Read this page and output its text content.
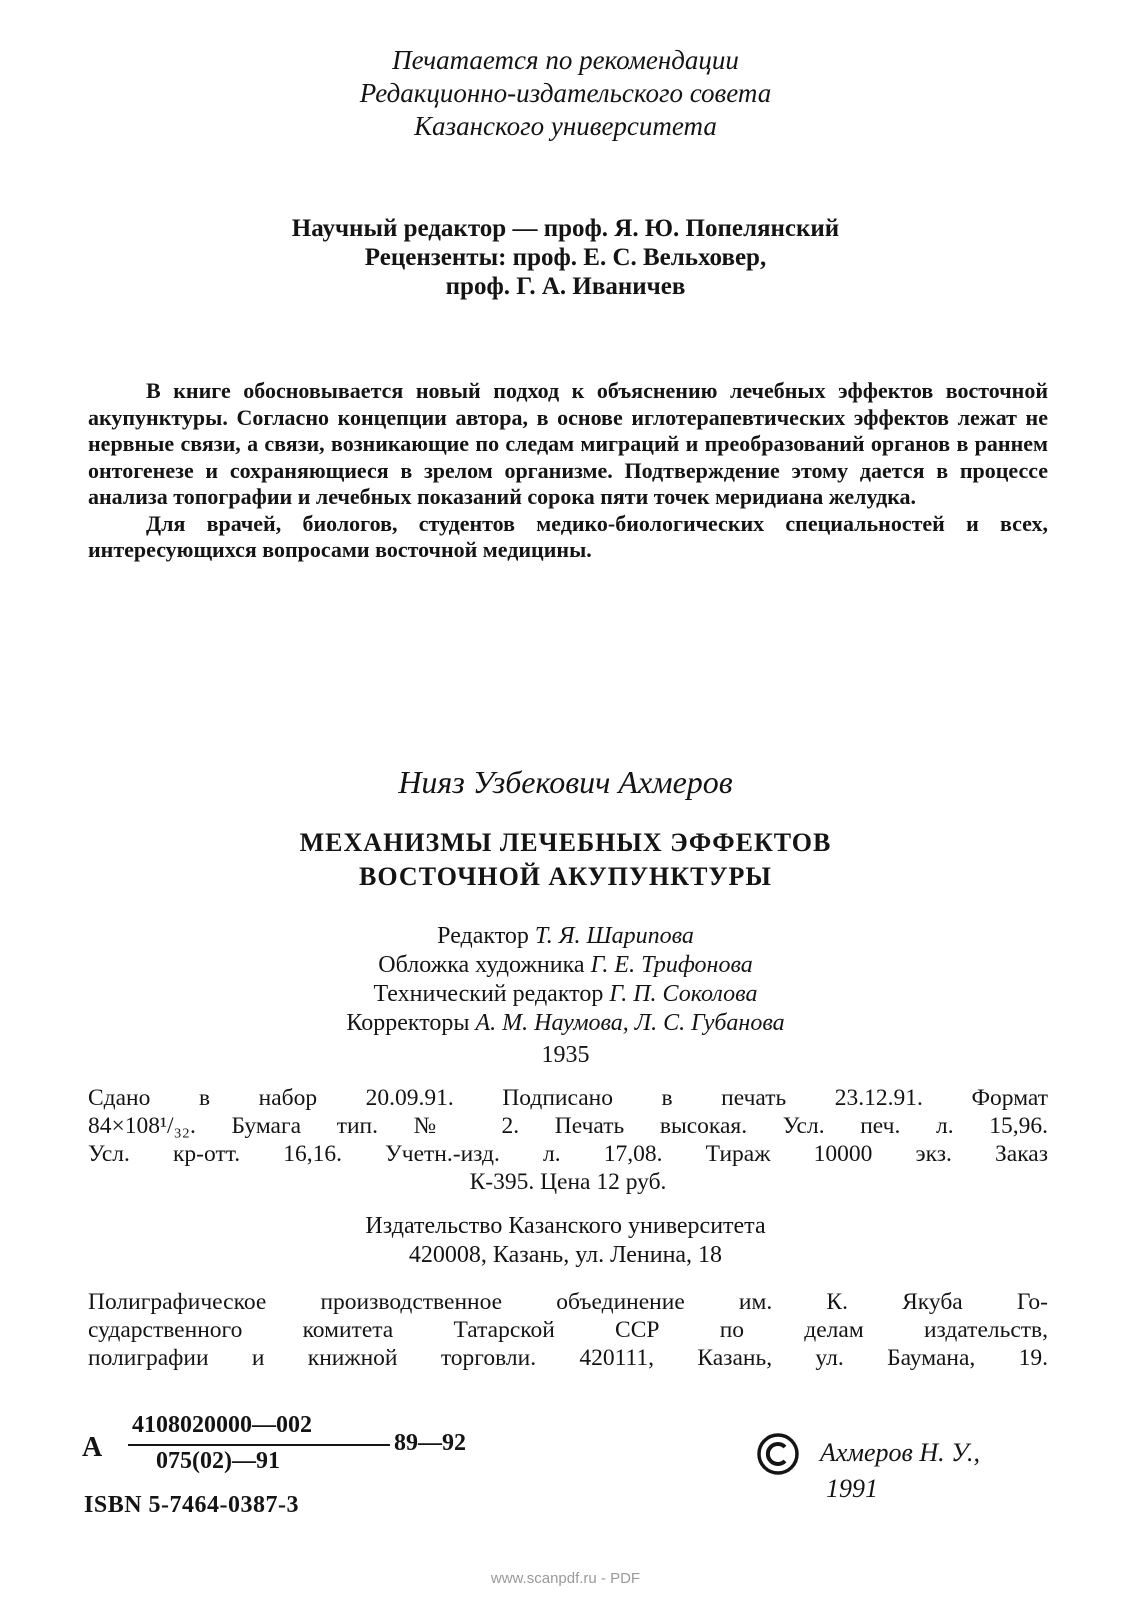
Печатается по рекомендации
Редакционно-издательского совета
Казанского университета
Научный редактор — проф. Я. Ю. Попелянский
Рецензенты: проф. Е. С. Вельховер,
проф. Г. А. Иваничев

В книге обосновывается новый подход к объяснению лечебных эффектов восточной акупунктуры. Согласно концепции автора, в основе иглотерапевтических эффектов лежат не нервные связи, а связи, возникающие по следам миграций и преобразований органов в раннем онтогенезе и сохраняющиеся в зрелом организме. Подтверждение этому дается в процессе анализа топографии и лечебных показаний сорока пяти точек меридиана желудка.

Для врачей, биологов, студентов медико-биологических специальностей и всех, интересующихся вопросами восточной медицины.

Нияз Узбекович Ахмеров
МЕХАНИЗМЫ ЛЕЧЕБНЫХ ЭФФЕКТОВ
ВОСТОЧНОЙ АКУПУНКТУРЫ
Редактор Т. Я. Шарипова
Обложка художника Г. Е. Трифонова
Технический редактор Г. П. Соколова
Корректоры А. М. Наумова, Л. С. Губанова
1935
Сдано в набор 20.09.91. Подписано в печать 23.12.91. Формат
84×108¹/₃₂. Бумага тип. № 2. Печать высокая. Усл. печ. л. 15,96.
Усл. кр-отт. 16,16. Учетн.-изд. л. 17,08. Тираж 10000 экз. Заказ
К-395. Цена 12 руб.
Издательство Казанского университета
420008, Казань, ул. Ленина, 18
Полиграфическое производственное объединение им. К. Якуба Го-
сударственного комитета Татарской ССР по делам издательств,
полиграфии и книжной торговли. 420111, Казань, ул. Баумана, 19.
А
4108020000—002
075(02)—91
89—92
ISBN 5-7464-0387-3
Ахмеров Н. У.,
1991
www.scanpdf.ru - PDF
